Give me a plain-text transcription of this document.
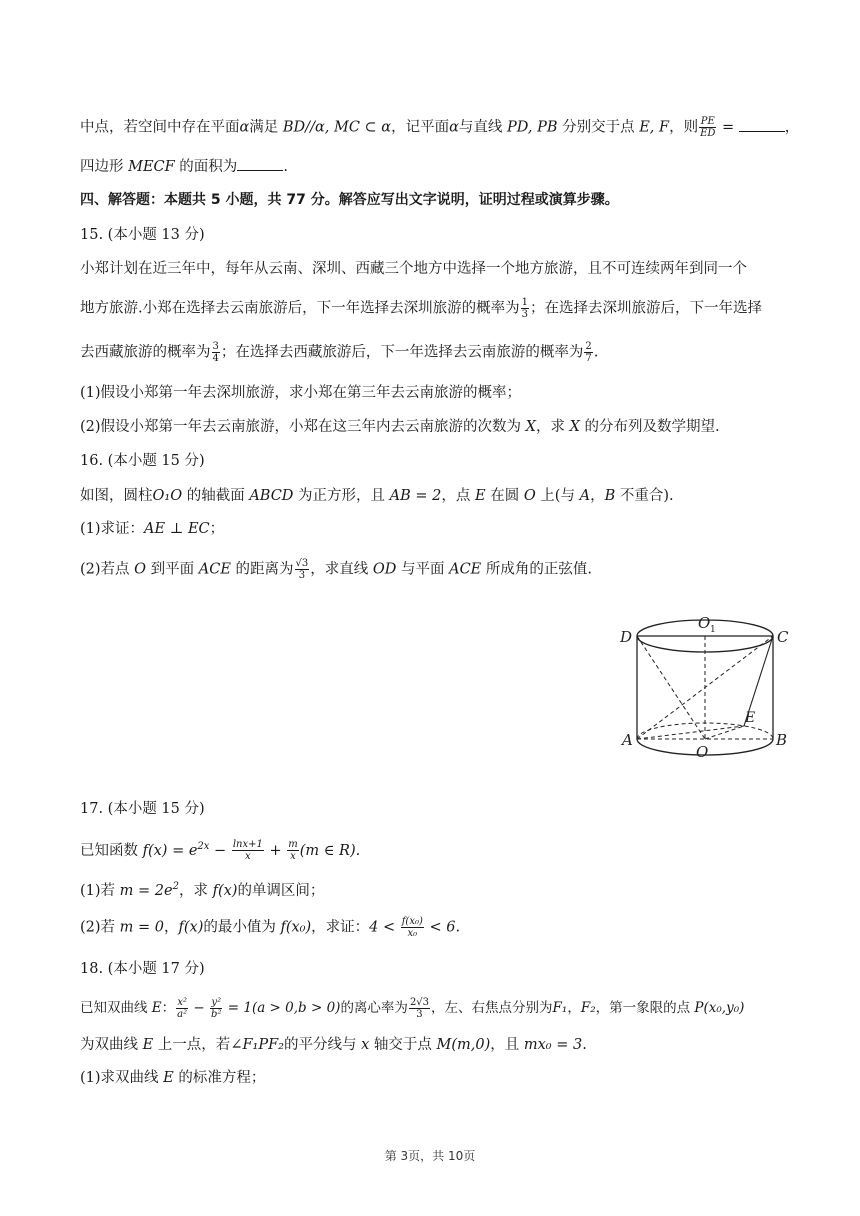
中点，若空间中存在平面α满足 BD//α, MC ⊂ α，记平面α与直线 PD, PB 分别交于点 E, F，则 $\frac{PE}{ED}$ =	，
四边形 MECF 的面积为	.
四、解答题：本题共 5 小题，共 77 分。解答应写出文字说明，证明过程或演算步骤。
15. (本小题 13 分)
小郑计划在近三年中，每年从云南、深圳、西藏三个地方中选择一个地方旅游，且不可连续两年到同一个
地方旅游.小郑在选择去云南旅游后，下一年选择去深圳旅游的概率为 $\frac{1}{3}$ ；在选择去深圳旅游后，下一年选择
去西藏旅游的概率为 $\frac{3}{4}$ ；在选择去西藏旅游后，下一年选择去云南旅游的概率为 $\frac{2}{7}$ .
(1)假设小郑第一年去深圳旅游，求小郑在第三年去云南旅游的概率；
(2)假设小郑第一年去云南旅游，小郑在这三年内去云南旅游的次数为 X，求 X 的分布列及数学期望.
16. (本小题 15 分)
如图，圆柱O₁O 的轴截面 ABCD 为正方形，且 AB = 2，点 E 在圆 O 上(与 A，B 不重合).
(1)求证：AE ⊥ EC；
(2)若点 O 到平面 ACE 的距离为 $\frac{√3}{3}$ ，求直线 OD 与平面 ACE 所成角的正弦值.
D
O 1	C
E
A
O
B
17. (本小题 15 分)
已知函数 $f(x) = e^{2x} - \frac{\ln x+1}{x} + \frac{m}{x} (m$ ∈ R).
(1)若 $m = 2e^2$，求 f(x)的单调区间；
(2)若 m = 0，f(x)的最小值为 f(x₀)，求证：$4 < \frac{\text{f(x₀)}}{\text{x₀}} < 6$.
18. (本小题 17 分)
已知双曲线 E： $\frac{\text{x²}}{\text{a²}} - \frac{\text{y²}}{\text{b²}} = 1(a > 0,b > 0)$的离心率为 $\frac{2√3}{3}$ ，左、右焦点分别为F₁，F₂，第一象限的点 P(x₀,y₀)
为双曲线 E 上一点，若∠F₁PF₂的平分线与 x 轴交于点 M(m,0)，且 mx₀ = 3.
(1)求双曲线 E 的标准方程；
第 3页，共 10页
